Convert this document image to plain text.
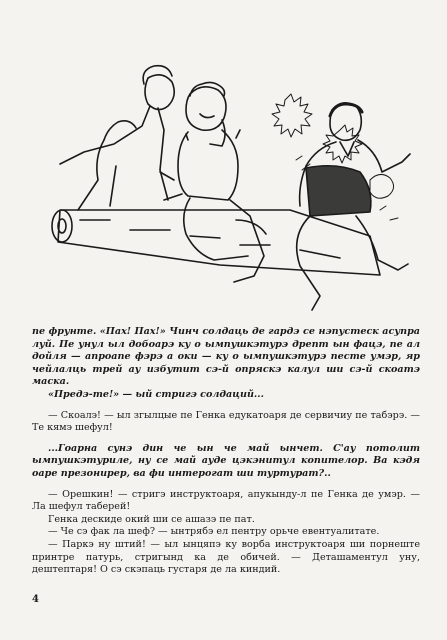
пе фрунте. «Пах! Пах!» Чинч солдаць де гардэ се нэпустеск асупра луй. Пе унул ыл добоарэ ку о ымпушкэтурэ дрепт ын фацэ, пе ал дойля — апроапе фэрэ а оки — ку о ымпушкэтурэ песте умэр, яр чейлалць трей ау избутит сэ-й опряскэ калул ши сэ-й скоатэ маска.

«Предэ-те!» — ый стригэ солдаций...

— Скоалэ! — ыл згылцые пе Генка едукатоаря де сервичиу пе табэрэ. — Те кямэ шефул!

...Гоарна сунэ дин че ын че май ынчет. С'ау потолит ымпушкэтуриле, ну се май ауде цэкэнитул копителор. Ва кэдя оаре презонирер, ва фи интерогат ши туртурат?..

— Орешкин! — стригэ инструктоаря, апукынду-л пе Генка де умэр. — Ла шефул таберей!

Генка дескиде окий ши се ашазэ пе пат.

— Че сэ фак ла шеф? — ынтрябэ ел пентру орьче евентуалитате.

— Паркэ ну штий! — ыл ынцяпэ ку ворба инструктоаря ши порнеште принтре патурь, стригынд ка де обичей. — Деташаментул уну, дештептаря! О сэ скэпаць густаря де ла киндий.

4
